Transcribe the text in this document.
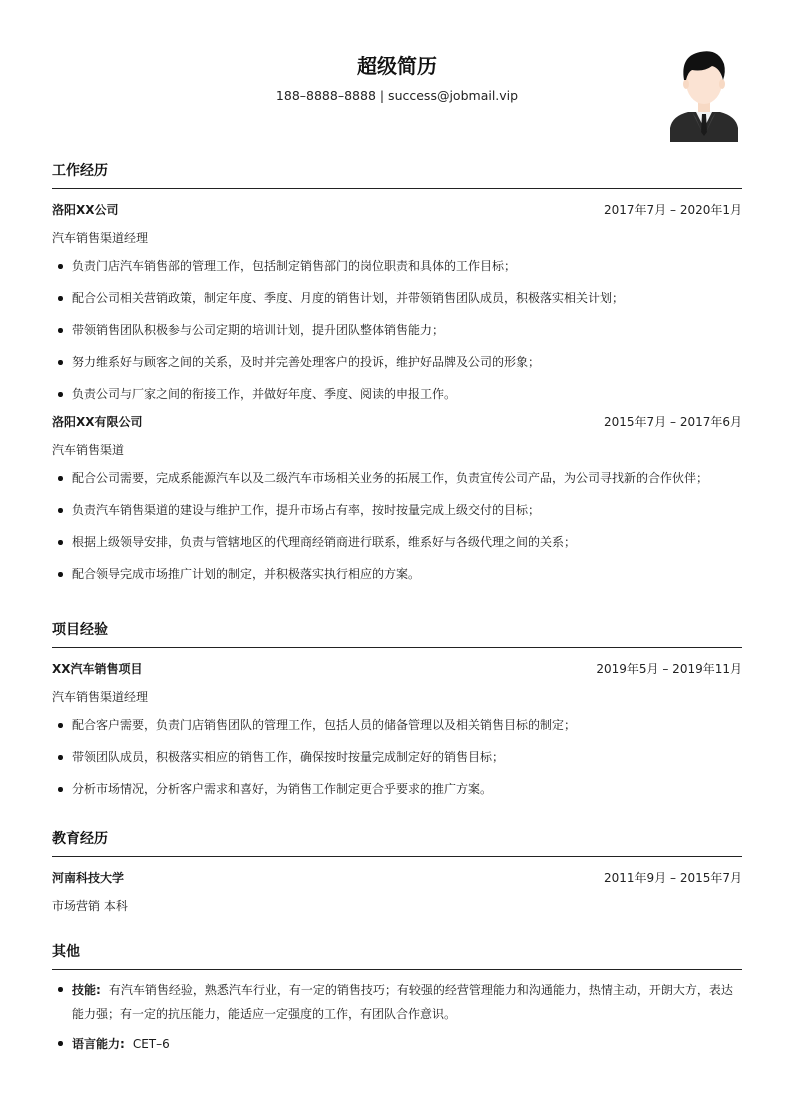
超级简历
188–8888–8888 | success@jobmail.vip
工作经历
洛阳XX公司	2017年7月 – 2020年1月
汽车销售渠道经理
负责门店汽车销售部的管理工作，包括制定销售部门的岗位职责和具体的工作目标；
配合公司相关营销政策，制定年度、季度、月度的销售计划，并带领销售团队成员，积极落实相关计划；
带领销售团队积极参与公司定期的培训计划，提升团队整体销售能力；
努力维系好与顾客之间的关系，及时并完善处理客户的投诉，维护好品牌及公司的形象；
负责公司与厂家之间的衔接工作，并做好年度、季度、阅读的申报工作。
洛阳XX有限公司	2015年7月 – 2017年6月
汽车销售渠道
配合公司需要，完成系能源汽车以及二级汽车市场相关业务的拓展工作，负责宣传公司产品，为公司寻找新的合作伙伴；
负责汽车销售渠道的建设与维护工作，提升市场占有率，按时按量完成上级交付的目标；
根据上级领导安排，负责与管辖地区的代理商经销商进行联系，维系好与各级代理之间的关系；
配合领导完成市场推广计划的制定，并积极落实执行相应的方案。
项目经验
XX汽车销售项目	2019年5月 – 2019年11月
汽车销售渠道经理
配合客户需要，负责门店销售团队的管理工作，包括人员的储备管理以及相关销售目标的制定；
带领团队成员，积极落实相应的销售工作，确保按时按量完成制定好的销售目标；
分析市场情况，分析客户需求和喜好，为销售工作制定更合乎要求的推广方案。
教育经历
河南科技大学	2011年9月 – 2015年7月
市场营销 本科
其他
技能: 有汽车销售经验，熟悉汽车行业，有一定的销售技巧；有较强的经营管理能力和沟通能力，热情主动，开朗大方，表达能力强；有一定的抗压能力，能适应一定强度的工作，有团队合作意识。
语言能力: CET–6
